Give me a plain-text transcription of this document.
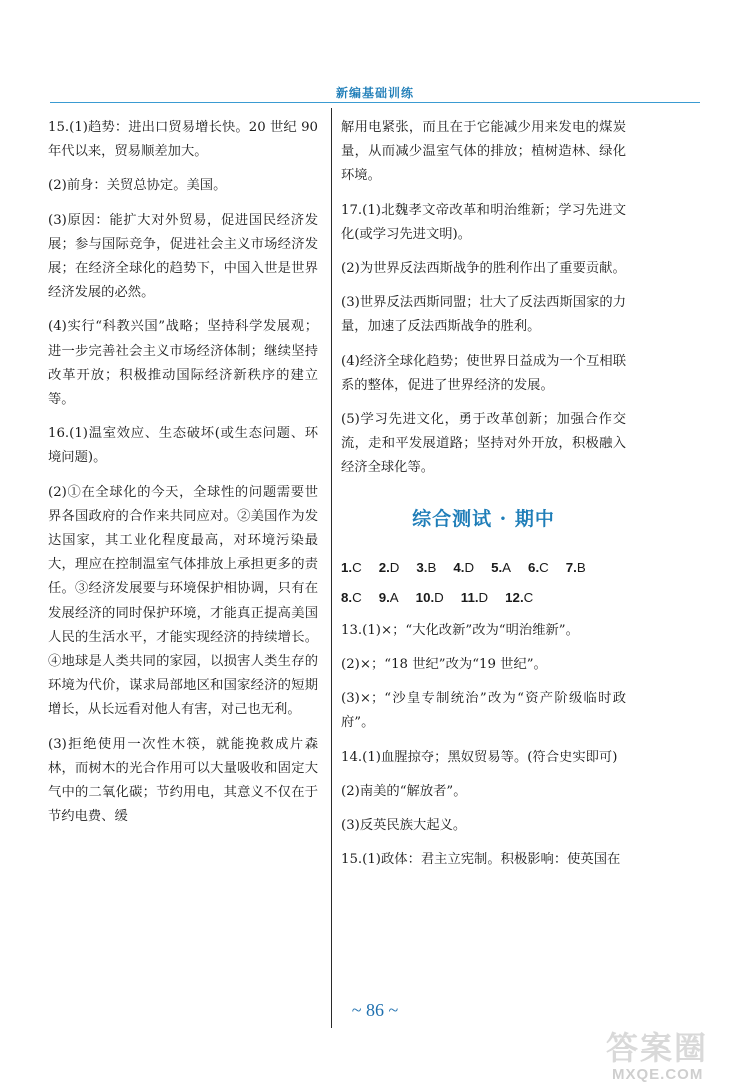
新编基础训练

15.(1)趋势：进出口贸易增长快。20 世纪 90 年代以来，贸易顺差加大。

(2)前身：关贸总协定。美国。

(3)原因：能扩大对外贸易，促进国民经济发展；参与国际竞争，促进社会主义市场经济发展；在经济全球化的趋势下，中国入世是世界经济发展的必然。

(4)实行“科教兴国”战略；坚持科学发展观；进一步完善社会主义市场经济体制；继续坚持改革开放；积极推动国际经济新秩序的建立等。

16.(1)温室效应、生态破坏(或生态问题、环境问题)。

(2)①在全球化的今天，全球性的问题需要世界各国政府的合作来共同应对。②美国作为发达国家，其工业化程度最高，对环境污染最大，理应在控制温室气体排放上承担更多的责任。③经济发展要与环境保护相协调，只有在发展经济的同时保护环境，才能真正提高美国人民的生活水平，才能实现经济的持续增长。④地球是人类共同的家园，以损害人类生存的环境为代价，谋求局部地区和国家经济的短期增长，从长远看对他人有害，对己也无利。

(3)拒绝使用一次性木筷，就能挽救成片森林，而树木的光合作用可以大量吸收和固定大气中的二氧化碳；节约用电，其意义不仅在于节约电费、缓

解用电紧张，而且在于它能减少用来发电的煤炭量，从而减少温室气体的排放；植树造林、绿化环境。

17.(1)北魏孝文帝改革和明治维新；学习先进文化(或学习先进文明)。

(2)为世界反法西斯战争的胜利作出了重要贡献。

(3)世界反法西斯同盟；壮大了反法西斯国家的力量，加速了反法西斯战争的胜利。

(4)经济全球化趋势；使世界日益成为一个互相联系的整体，促进了世界经济的发展。

(5)学习先进文化，勇于改革创新；加强合作交流，走和平发展道路；坚持对外开放，积极融入经济全球化等。

综合测试 · 期中
1.C 2.D 3.B 4.D 5.A 6.C 7.B
8.C 9.A 10.D 11.D 12.C

13.(1)×；“大化改新”改为“明治维新”。

(2)×；“18 世纪”改为“19 世纪”。

(3)×；“沙皇专制统治”改为“资产阶级临时政府”。

14.(1)血腥掠夺；黑奴贸易等。(符合史实即可)

(2)南美的“解放者”。

(3)反英民族大起义。

15.(1)政体：君主立宪制。积极影响：使英国在

~ 86 ~
答案圈
MXQE.COM
